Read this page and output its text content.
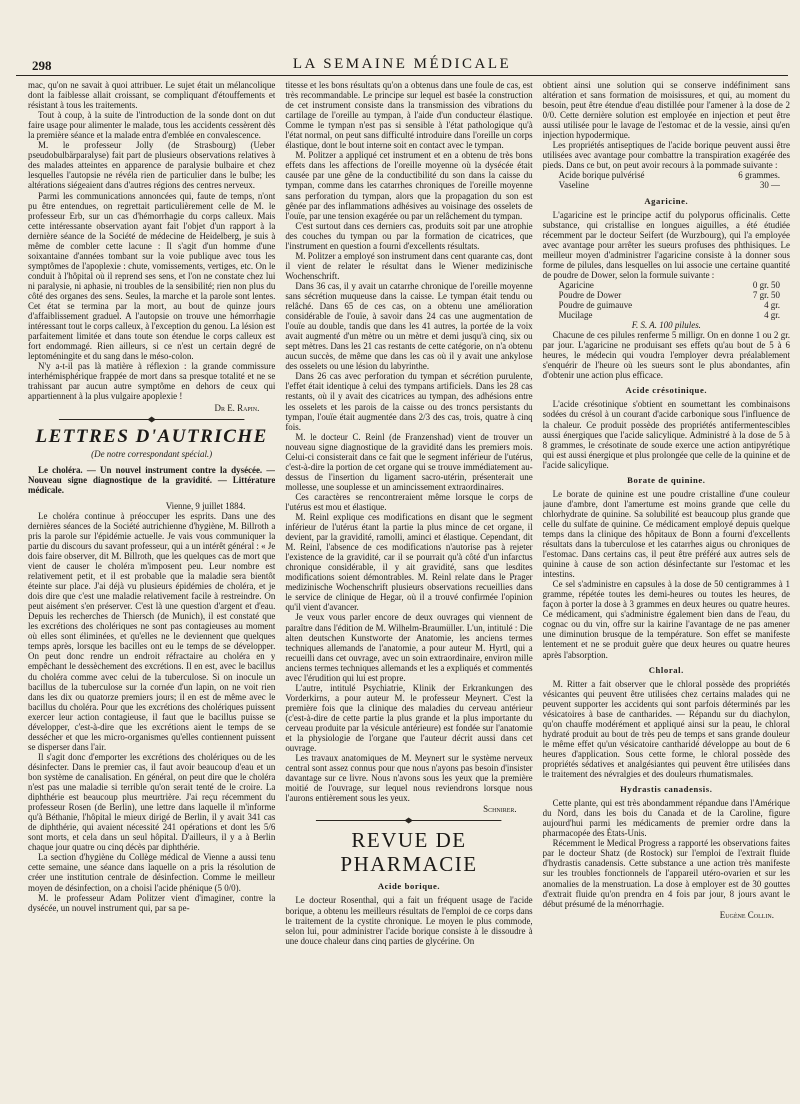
298	LA SEMAINE MÉDICALE

mac, qu'on ne savait à quoi attribuer. Le sujet était un mélancolique dont la faiblesse allait croissant, se compliquant d'étouffements et résistant à tous les traitements.

Tout à coup, à la suite de l'introduction de la sonde dont on dut faire usage pour alimenter le malade, tous les accidents cessèrent dès la première séance et la malade entra d'emblée en convalescence.

M. le professeur Jolly (de Strasbourg) (Ueber pseudobulbärparalyse) fait part de plusieurs observations relatives à des malades atteintes en apparence de paralysie bulbaire et chez lesquelles l'autopsie ne révéla rien de particulier dans le bulbe; les altérations siégeaient dans d'autres régions des centres nerveux.

Parmi les communications annoncées qui, faute de temps, n'ont pu être entendues, on regrettait particulièrement celle de M. le professeur Erb, sur un cas d'hémorrhagie du corps calleux. Mais cette intéressante observation ayant fait l'objet d'un rapport à la dernière séance de la Société de médecine de Heidelberg, je suis à même de combler cette lacune : Il s'agit d'un homme d'une soixantaine d'années tombant sur la voie publique avec tous les symptômes de l'apoplexie : chute, vomissements, vertiges, etc. On le conduit à l'hôpital où il reprend ses sens, et l'on ne constate chez lui ni paralysie, ni aphasie, ni troubles de la sensibilité; rien non plus du côté des organes des sens. Seules, la marche et la parole sont lentes. Cet état se termina par la mort, au bout de quinze jours d'affaiblissement graduel. A l'autopsie on trouve une hémorrhagie intéressant tout le corps calleux, à l'exception du genou. La lésion est parfaitement limitée et dans toute son étendue le corps calleux est fort endommagé. Rien ailleurs, si ce n'est un certain degré de leptoméningite et du sang dans le méso-colon.

N'y a-t-il pas là matière à réflexion : la grande commissure interhémisphérique frappée de mort dans sa presque totalité et ne se trahissant par aucun autre symptôme en dehors de ceux qui appartiennent à la plus vulgaire apoplexie !

Dr E. Rapin.
LETTRES D'AUTRICHE
(De notre correspondant spécial.)

Le choléra. — Un nouvel instrument contre la dysécée. — Nouveau signe diagnostique de la gravidité. — Littérature médicale.

Vienne, 9 juillet 1884.

Le choléra continue à préoccuper les esprits. Dans une des dernières séances de la Société autrichienne d'hygiène, M. Billroth a pris la parole sur l'épidémie actuelle. Je vais vous communiquer la partie du discours du savant professeur, qui a un intérêt général : « Je dois faire observer, dit M. Billroth, que les quelques cas de mort que vient de causer le choléra m'imposent peu. Leur nombre est relativement petit, et il est probable que la maladie sera bientôt éteinte sur place. J'ai déjà vu plusieurs épidémies de choléra, et je dois dire que c'est une maladie relativement facile à restreindre. On peut aisément s'en préserver. C'est là une question d'argent et d'eau. Depuis les recherches de Thiersch (de Munich), il est constaté que les excrétions des cholériques ne sont pas contagieuses au moment où elles sont éliminées, et qu'elles ne le deviennent que quelques temps après, lorsque les bacilles ont eu le temps de se développer. On peut donc rendre un endroit réfractaire au choléra en y empêchant le dessèchement des excrétions. Il en est, avec le bacillus du choléra comme avec celui de la tuberculose. Si on inocule un bacillus de la tuberculose sur la cornée d'un lapin, on ne voit rien dans les dix ou quatorze premiers jours; il en est de même avec le bacillus du choléra. Pour que les excrétions des cholériques puissent exercer leur action contagieuse, il faut que le bacillus puisse se développer, c'est-à-dire que les excrétions aient le temps de se dessécher et que les micro-organismes qu'elles contiennent puissent se disperser dans l'air.

Il s'agit donc d'emporter les excrétions des cholériques ou de les désinfecter. Dans le premier cas, il faut avoir beaucoup d'eau et un bon système de canalisation. En général, on peut dire que le choléra n'est pas une maladie si terrible qu'on serait tenté de le croire. La diphthérie est beaucoup plus meurtrière. J'ai reçu récemment du professeur Rosen (de Berlin), une lettre dans laquelle il m'informe qu'à Béthanie, l'hôpital le mieux dirigé de Berlin, il y avait 341 cas de diphthérie, qui avaient nécessité 241 opérations et dont les 5/6 sont morts, et cela dans un seul hôpital. D'ailleurs, il y a à Berlin chaque jour quatre ou cinq décès par diphthérie.

La section d'hygiène du Collège médical de Vienne a aussi tenu cette semaine, une séance dans laquelle on a pris la résolution de créer une institution centrale de désinfection. Comme le meilleur moyen de désinfection, on a choisi l'acide phénique (5 0/0).

M. le professeur Adam Politzer vient d'imaginer, contre la dysécée, un nouvel instrument qui, par sa pe-

titesse et les bons résultats qu'on a obtenus dans une foule de cas, est très recommandable. Le principe sur lequel est basée la construction de cet instrument consiste dans la transmission des vibrations du cartilage de l'oreille au tympan, à l'aide d'un conducteur élastique. Comme le tympan n'est pas si sensible à l'état pathologique qu'à l'état normal, on peut sans difficulté introduire dans l'oreille un corps élastique, dont le bout interne soit en contact avec le tympan.

M. Politzer a appliqué cet instrument et en a obtenu de très bons effets dans les affections de l'oreille moyenne où la dysécée était causée par une gêne de la conductibilité du son dans la caisse du tympan, comme dans les catarrhes chroniques de l'oreille moyenne sans perforation du tympan, alors que la propagation du son est gênée par des inflammations adhésives au voisinage des osselets de l'ouïe, par une tension exagérée ou par un relâchement du tympan.

C'est surtout dans ces derniers cas, produits soit par une atrophie des couches du tympan ou par la formation de cicatrices, que l'instrument en question a fourni d'excellents résultats.

M. Politzer a employé son instrument dans cent quarante cas, dont il vient de relater le résultat dans le Wiener medizinische Wochenschrift.

Dans 36 cas, il y avait un catarrhe chronique de l'oreille moyenne sans sécrétion muqueuse dans la caisse. Le tympan était tendu ou relâché. Dans 65 de ces cas, on a obtenu une amélioration considérable de l'ouïe, à savoir dans 24 cas une augmentation de l'ouïe au double, tandis que dans les 41 autres, la portée de la voix avait augmenté d'un mètre ou un mètre et demi jusqu'à cinq, six ou sept mètres. Dans les 21 cas restants de cette catégorie, on n'a obtenu aucun succès, de même que dans les cas où il y avait une ankylose des osselets ou une lésion du labyrinthe.

Dans 26 cas avec perforation du tympan et sécrétion purulente, l'effet était identique à celui des tympans artificiels. Dans les 28 cas restants, où il y avait des cicatrices au tympan, des adhésions entre les osselets et les parois de la caisse ou des troncs persistants du tympan, l'ouïe était augmentée dans 2/3 des cas, trois, quatre à cinq fois.

M. le docteur C. Reinl (de Franzenshad) vient de trouver un nouveau signe diagnostique de la gravidité dans les premiers mois. Celui-ci consisterait dans ce fait que le segment inférieur de l'utérus, c'est-à-dire la portion de cet organe qui se trouve immédiatement au-dessus de l'insertion du ligament sacro-utérin, présenterait une mollesse, une souplesse et un amincissement extraordinaires.

Ces caractères se rencontreraient même lorsque le corps de l'utérus est mou et élastique.

M. Reinl explique ces modifications en disant que le segment inférieur de l'utérus étant la partie la plus mince de cet organe, il devient, par la gravidité, ramolli, aminci et élastique. Cependant, dit M. Reinl, l'absence de ces modifications n'autorise pas à rejeter l'existence de la gravidité, car il se pourrait qu'à côté d'un infarctus chronique considérable, il y ait gravidité, sans que lesdites modifications soient démontrables. M. Reinl relate dans le Prager medizinische Wochenschrift plusieurs observations recueillies dans le service de clinique de Hegar, où il a trouvé confirmée l'opinion qu'il vient d'avancer.

Je veux vous parler encore de deux ouvrages qui viennent de paraître dans l'édition de M. Wilhelm-Braumüller. L'un, intitulé : Die alten deutschen Kunstworte der Anatomie, les anciens termes techniques allemands de l'anatomie, a pour auteur M. Hyrtl, qui a recueilli dans cet ouvrage, avec un soin extraordinaire, environ mille anciens termes techniques allemands et les a expliqués et commentés avec l'érudition qui lui est propre.

L'autre, intitulé Psychiatrie, Klinik der Erkrankungen des Vorderkirns, a pour auteur M. le professeur Meynert. C'est la première fois que la clinique des maladies du cerveau antérieur (c'est-à-dire de cette partie la plus grande et la plus importante du cerveau produite par la vésicule antérieure) est fondée sur l'anatomie et la physiologie de l'organe que l'auteur décrit aussi dans cet ouvrage.

Les travaux anatomiques de M. Meynert sur le système nerveux central sont assez connus pour que nous n'ayons pas besoin d'insister davantage sur ce livre. Nous n'avons sous les yeux que la première moitié de l'ouvrage, sur lequel nous reviendrons lorsque nous l'aurons entièrement sous les yeux.

Schnirer.
REVUE DE PHARMACIE
Acide borique.

Le docteur Rosenthal, qui a fait un fréquent usage de l'acide borique, a obtenu les meilleurs résultats de l'emploi de ce corps dans le traitement de la cystite chronique. Le moyen le plus commode, selon lui, pour administrer l'acide borique consiste à le dissoudre à une douce chaleur dans cinq parties de glycérine. On

obtient ainsi une solution qui se conserve indéfiniment sans altération et sans formation de moisissures, et qui, au moment du besoin, peut être étendue d'eau distillée pour l'amener à la dose de 2 0/0. Cette dernière solution est employée en injection et peut être aussi utilisée pour le lavage de l'estomac et de la vessie, ainsi qu'en injection hypodermique.

Les propriétés antiseptiques de l'acide borique peuvent aussi être utilisées avec avantage pour combattre la transpiration exagérée des pieds. Dans ce but, on peut avoir recours à la pommade suivante :

Acide borique pulvérisé	6 grammes.
Vaseline	30 —
Agaricine.

L'agaricine est le principe actif du polyporus officinalis. Cette substance, qui cristallise en longues aiguilles, a été étudiée récemment par le docteur Seifert (de Wurzbourg), qui l'a employée avec avantage pour arrêter les sueurs profuses des phthisiques. Le meilleur moyen d'administrer l'agaricine consiste à la donner sous forme de pilules, dans lesquelles on lui associe une certaine quantité de poudre de Dower, selon la formule suivante :

Agaricine	0 gr. 50
Poudre de Dower	7 gr. 50
Poudre de guimauve	4 gr.
Mucilage	4 gr.
F. S. A. 100 pilules.

Chacune de ces pilules renferme 5 milligr. On en donne 1 ou 2 gr. par jour. L'agaricine ne produisant ses effets qu'au bout de 5 à 6 heures, le médecin qui voudra l'employer devra préalablement s'enquérir de l'heure où les sueurs sont le plus abondantes, afin d'obtenir une action plus efficace.

Acide crésotinique.

L'acide crésotinique s'obtient en soumettant les combinaisons sodées du crésol à un courant d'acide carbonique sous l'influence de la chaleur. Ce produit possède des propriétés antifermentescibles aussi énergiques que l'acide salicylique. Administré à la dose de 5 à 8 grammes, le crésotinate de soude exerce une action antipyrétique qui est aussi énergique et plus prolongée que celle de la quinine et de l'acide salicylique.

Borate de quinine.

Le borate de quinine est une poudre cristalline d'une couleur jaune d'ambre, dont l'amertume est moins grande que celle du chlorhydrate de quinine. Sa solubilité est beaucoup plus grande que celle du sulfate de quinine. Ce médicament employé depuis quelque temps dans la clinique des hôpitaux de Bonn a fourni d'excellents résultats dans la tuberculose et les catarrhes aigus ou chroniques de l'estomac. Dans certains cas, il peut être préféré aux autres sels de quinine à cause de son action désinfectante sur l'estomac et les intestins.

Ce sel s'administre en capsules à la dose de 50 centigrammes à 1 gramme, répétée toutes les demi-heures ou toutes les heures, de façon à porter la dose à 3 grammes en deux heures ou quatre heures. Ce médicament, qui s'administre également bien dans de l'eau, du cognac ou du vin, offre sur la kairine l'avantage de ne pas amener une diminution brusque de la température. Son effet se manifeste lentement et ne se produit guère que deux heures ou quatre heures après l'absorption.

Chloral.

M. Ritter a fait observer que le chloral possède des propriétés vésicantes qui peuvent être utilisées chez certains malades qui ne peuvent supporter les accidents qui sont parfois déterminés par les vésicatoires à base de cantharides. — Répandu sur du diachylon, qu'on chauffe modérément et appliqué ainsi sur la peau, le chloral hydraté produit au bout de très peu de temps et sans grande douleur le même effet qu'un vésicatoire cantharidé développe au bout de 6 heures d'application. Sous cette forme, le chloral possède des propriétés sédatives et analgésiantes qui peuvent être utilisées dans le traitement des névralgies et des douleurs rhumatismales.

Hydrastis canadensis.

Cette plante, qui est très abondamment répandue dans l'Amérique du Nord, dans les bois du Canada et de la Caroline, figure aujourd'hui parmi les médicaments de premier ordre dans la pharmacopée des États-Unis.

Récemment le Medical Progress a rapporté les observations faites par le docteur Shatz (de Rostock) sur l'emploi de l'extrait fluide d'hydrastis canadensis. Cette substance a une action très manifeste sur les troubles fonctionnels de l'appareil utéro-ovarien et sur les anomalies de la menstruation. La dose à employer est de 30 gouttes d'extrait fluide qu'on prendra en 4 fois par jour, 8 jours avant le début présumé de la ménorrhagie.

Eugène Collin.
